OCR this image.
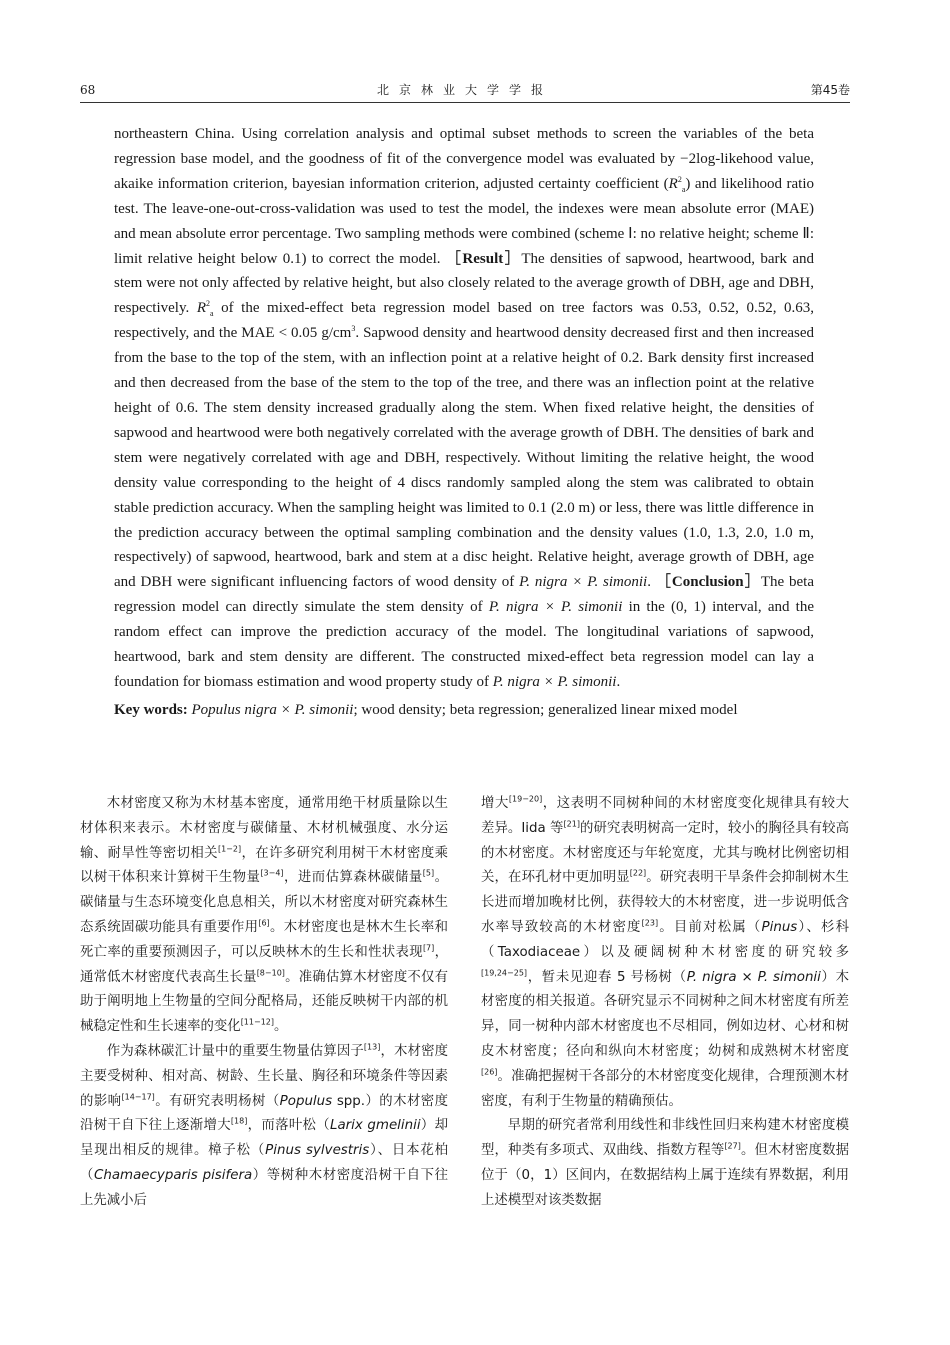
68	北京林业大学学报	第45卷
northeastern China. Using correlation analysis and optimal subset methods to screen the variables of the beta regression base model, and the goodness of fit of the convergence model was evaluated by −2log-likehood value, akaike information criterion, bayesian information criterion, adjusted certainty coefficient $(R^2_a)$ and likelihood ratio test. The leave-one-out-cross-validation was used to test the model, the indexes were mean absolute error (MAE) and mean absolute error percentage. Two sampling methods were combined (scheme Ⅰ: no relative height; scheme Ⅱ: limit relative height below 0.1) to correct the model. ［Result］The densities of sapwood, heartwood, bark and stem were not only affected by relative height, but also closely related to the average growth of DBH, age and DBH, respectively. $R^2_a$ of the mixed-effect beta regression model based on tree factors was 0.53, 0.52, 0.52, 0.63, respectively, and the MAE < 0.05 $g/cm^3$. Sapwood density and heartwood density decreased first and then increased from the base to the top of the stem, with an inflection point at a relative height of 0.2. Bark density first increased and then decreased from the base of the stem to the top of the tree, and there was an inflection point at the relative height of 0.6. The stem density increased gradually along the stem. When fixed relative height, the densities of sapwood and heartwood were both negatively correlated with the average growth of DBH. The densities of bark and stem were negatively correlated with age and DBH, respectively. Without limiting the relative height, the wood density value corresponding to the height of 4 discs randomly sampled along the stem was calibrated to obtain stable prediction accuracy. When the sampling height was limited to 0.1 (2.0 m) or less, there was little difference in the prediction accuracy between the optimal sampling combination and the density values (1.0, 1.3, 2.0, 1.0 m, respectively) of sapwood, heartwood, bark and stem at a disc height. Relative height, average growth of DBH, age and DBH were significant influencing factors of wood density of P. nigra × P. simonii. ［Conclusion］The beta regression model can directly simulate the stem density of P. nigra × P. simonii in the (0, 1) interval, and the random effect can improve the prediction accuracy of the model. The longitudinal variations of sapwood, heartwood, bark and stem density are different. The constructed mixed-effect beta regression model can lay a foundation for biomass estimation and wood property study of P. nigra × P. simonii.
Key words: Populus nigra × P. simonii; wood density; beta regression; generalized linear mixed model

木材密度又称为木材基本密度，通常用绝干材质量除以生材体积来表示。木材密度与碳储量、木材机械强度、水分运输、耐旱性等密切相关[1−2]，在许多研究利用树干木材密度乘以树干体积来计算树干生物量[3−4]，进而估算森林碳储量[5]。碳储量与生态环境变化息息相关，所以木材密度对研究森林生态系统固碳功能具有重要作用[6]。木材密度也是林木生长率和死亡率的重要预测因子，可以反映林木的生长和性状表现[7]，通常低木材密度代表高生长量[8−10]。准确估算木材密度不仅有助于阐明地上生物量的空间分配格局，还能反映树干内部的机械稳定性和生长速率的变化[11−12]。

作为森林碳汇计量中的重要生物量估算因子[13]，木材密度主要受树种、相对高、树龄、生长量、胸径和环境条件等因素的影响[14−17]。有研究表明杨树（Populus spp.）的木材密度沿树干自下往上逐渐增大[18]，而落叶松（Larix gmelinii）却呈现出相反的规律。樟子松（Pinus sylvestris）、日本花柏（Chamaecyparis pisifera）等树种木材密度沿树干自下往上先减小后

增大[19−20]，这表明不同树种间的木材密度变化规律具有较大差异。Iida 等[21]的研究表明树高一定时，较小的胸径具有较高的木材密度。木材密度还与年轮宽度，尤其与晚材比例密切相关，在环孔材中更加明显[22]。研究表明干旱条件会抑制树木生长进而增加晚材比例，获得较大的木材密度，进一步说明低含水率导致较高的木材密度[23]。目前对松属（Pinus）、杉科（Taxodiaceae）以及硬阔树种木材密度的研究较多[19,24−25]，暂未见迎春 5 号杨树（P. nigra × P. simonii）木材密度的相关报道。各研究显示不同树种之间木材密度有所差异，同一树种内部木材密度也不尽相同，例如边材、心材和树皮木材密度；径向和纵向木材密度；幼树和成熟树木材密度[26]。准确把握树干各部分的木材密度变化规律，合理预测木材密度，有利于生物量的精确预估。

早期的研究者常利用线性和非线性回归来构建木材密度模型，种类有多项式、双曲线、指数方程等[27]。但木材密度数据位于（0，1）区间内，在数据结构上属于连续有界数据，利用上述模型对该类数据
